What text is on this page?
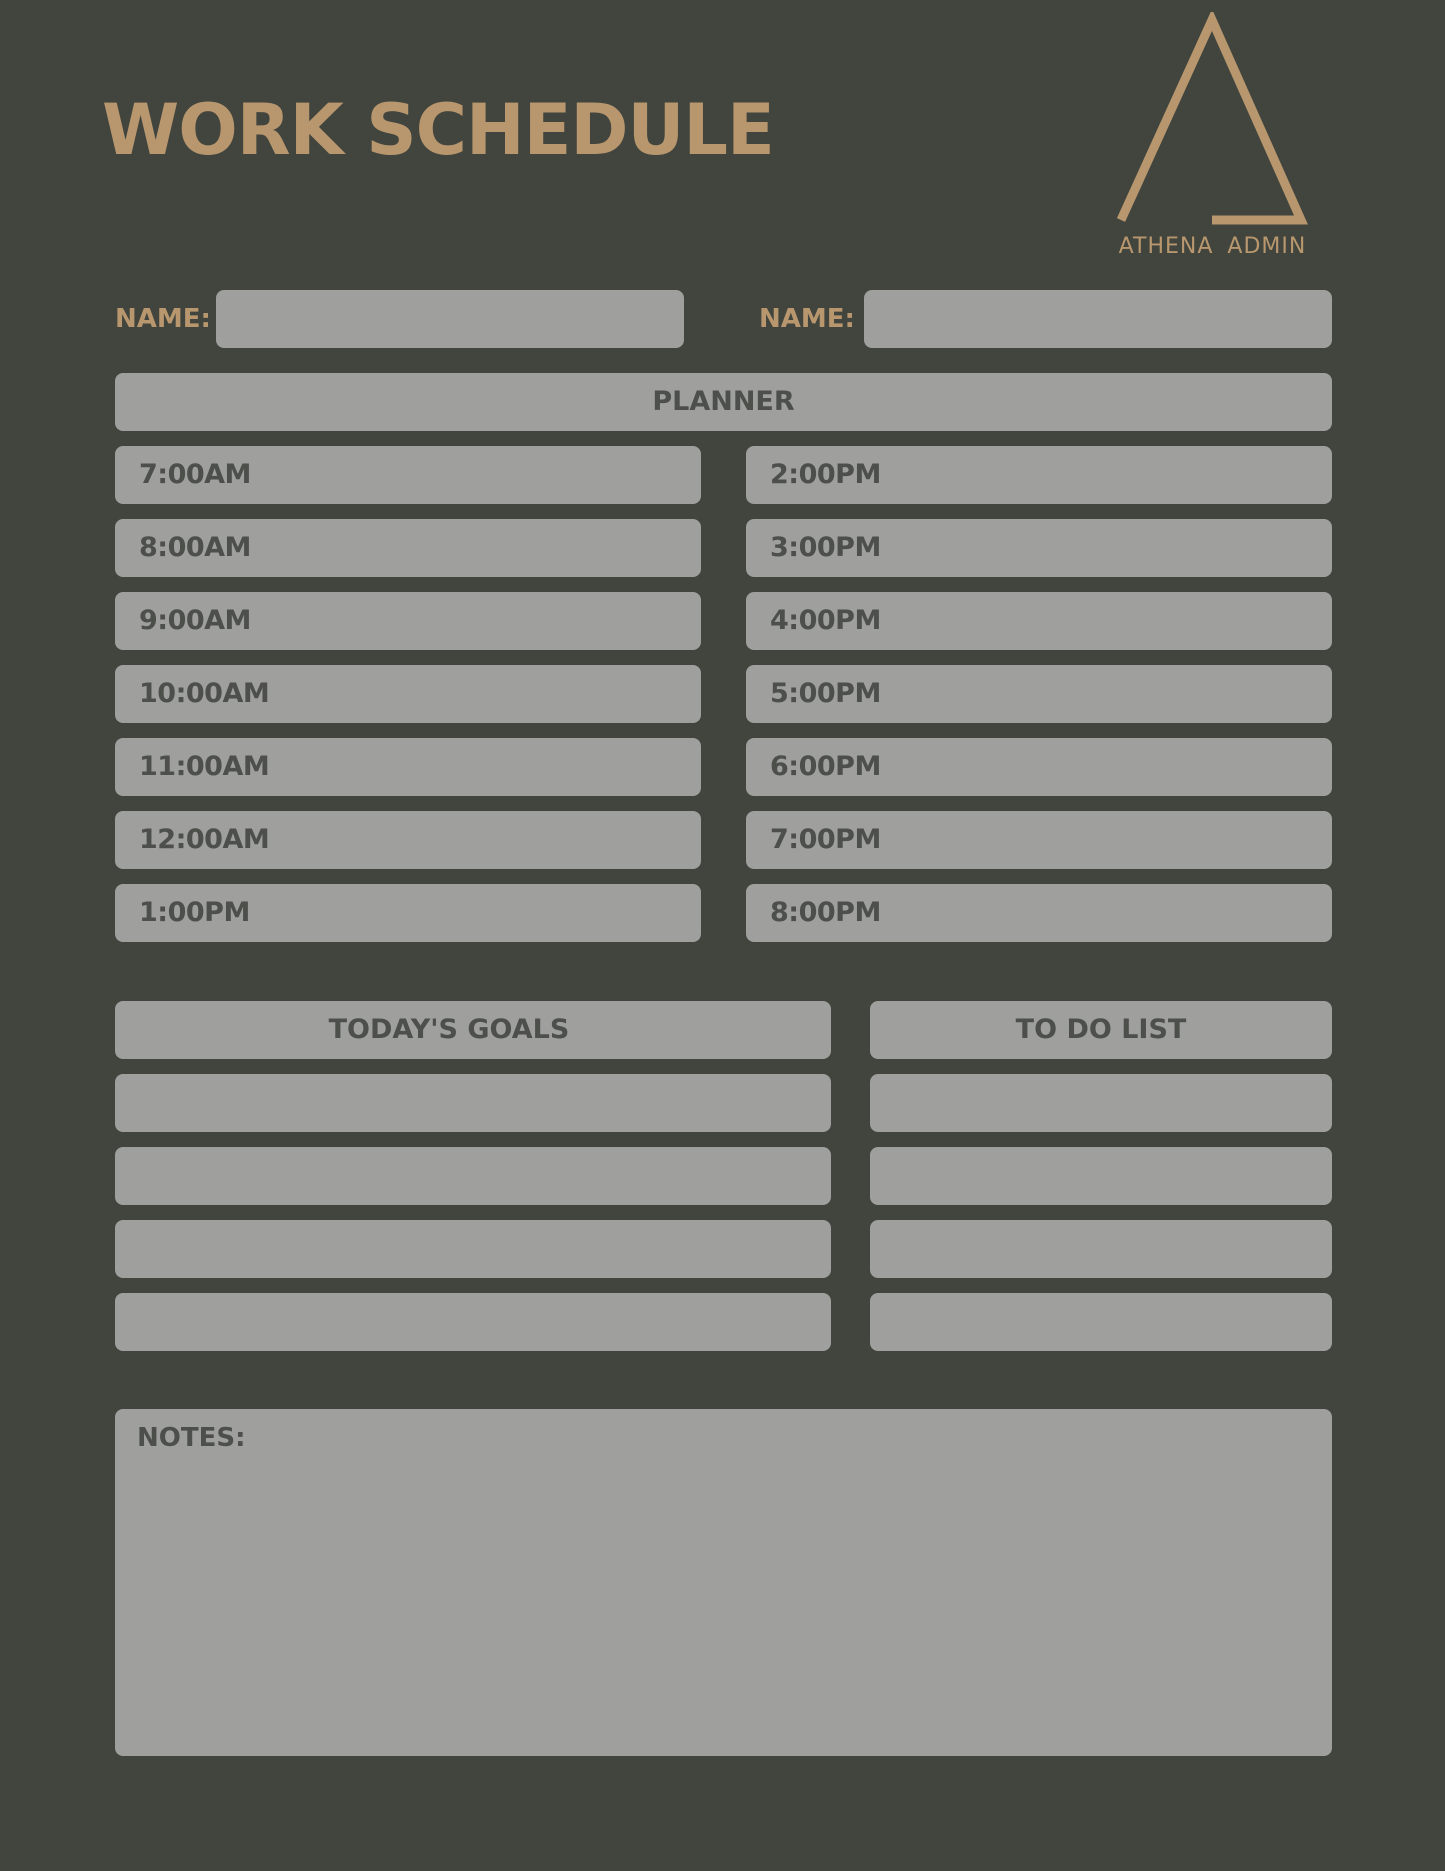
WORK SCHEDULE
ATHENA ADMIN
NAME:	NAME:
PLANNER
7:00AM
8:00AM
9:00AM
10:00AM
11:00AM
12:00AM
1:00PM
2:00PM
3:00PM
4:00PM
5:00PM
6:00PM
7:00PM
8:00PM
TODAY'S GOALS	TO DO LIST
NOTES:
